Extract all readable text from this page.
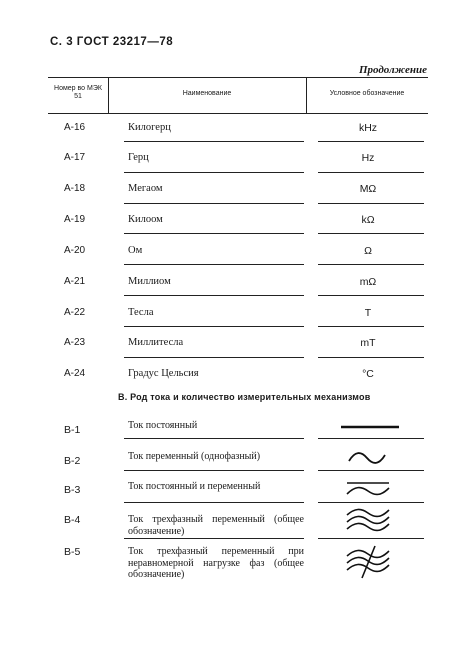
С. 3 ГОСТ 23217—78
Продолжение
Номер во МЭК 51	Наименование	Условное обозначение
A-16	Килогерц	kHz
A-17	Герц	Hz
A-18	Мегаом	MΩ
A-19	Килоом	kΩ
A-20	Ом	Ω
A-21	Миллиом	mΩ
A-22	Тесла	T
A-23	Миллитесла	mT
A-24	Градус Цельсия	°C
B. Род тока и количество измерительных механизмов
B-1	Ток постоянный
B-2	Ток переменный (однофазный)
B-3	Ток постоянный и переменный
B-4	Ток трехфазный переменный (общее обозначение)
B-5	Ток трехфазный переменный при неравномерной нагрузке фаз (общее обозначение)
